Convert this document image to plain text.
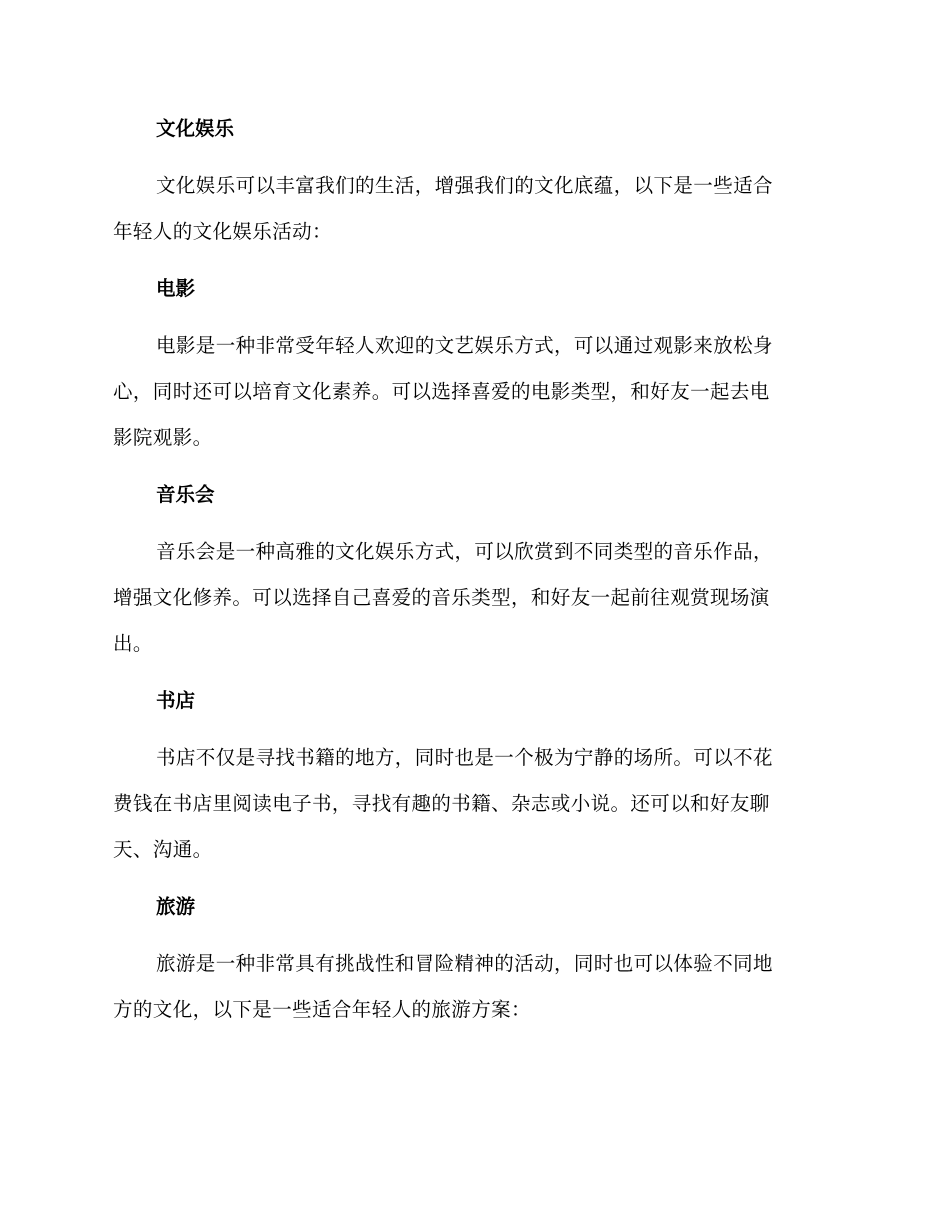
文化娱乐
文化娱乐可以丰富我们的生活，增强我们的文化底蕴，以下是一些适合
年轻人的文化娱乐活动：
电影
电影是一种非常受年轻人欢迎的文艺娱乐方式，可以通过观影来放松身
心，同时还可以培育文化素养。可以选择喜爱的电影类型，和好友一起去电
影院观影。
音乐会
音乐会是一种高雅的文化娱乐方式，可以欣赏到不同类型的音乐作品，
增强文化修养。可以选择自己喜爱的音乐类型，和好友一起前往观赏现场演
出。
书店
书店不仅是寻找书籍的地方，同时也是一个极为宁静的场所。可以不花
费钱在书店里阅读电子书，寻找有趣的书籍、杂志或小说。还可以和好友聊
天、沟通。
旅游
旅游是一种非常具有挑战性和冒险精神的活动，同时也可以体验不同地
方的文化，以下是一些适合年轻人的旅游方案：
